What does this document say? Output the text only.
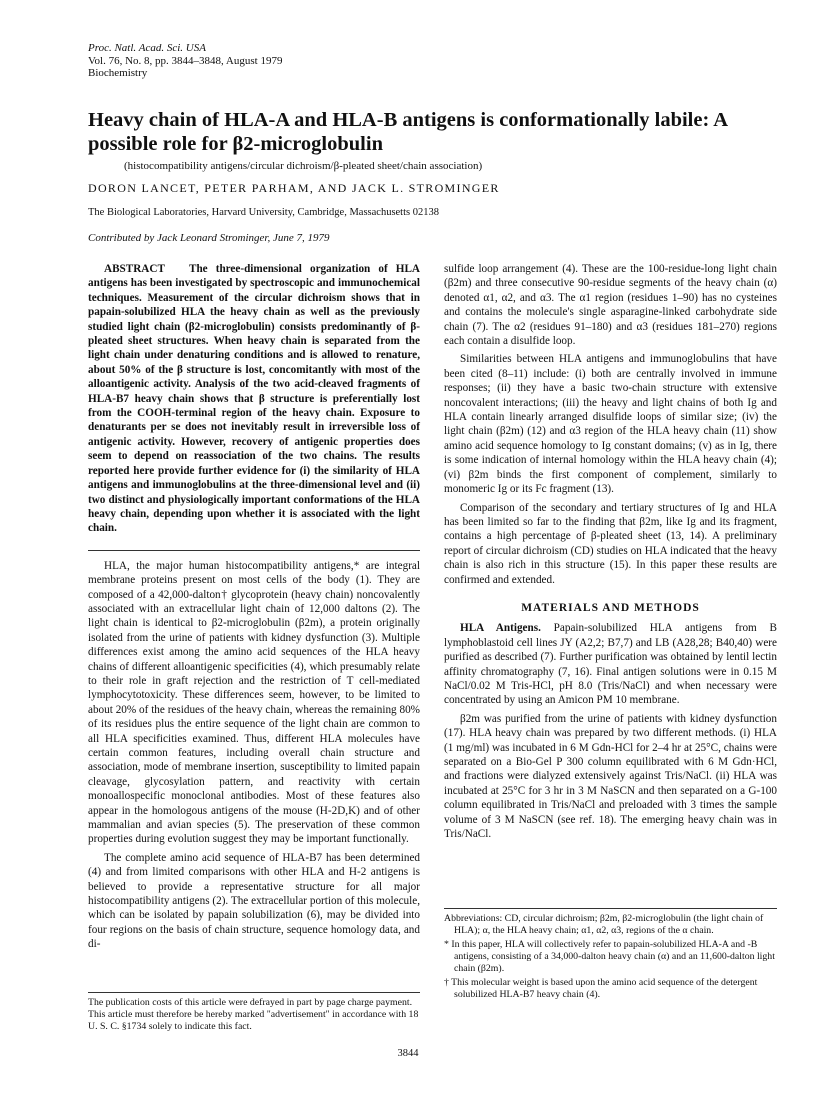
Proc. Natl. Acad. Sci. USA
Vol. 76, No. 8, pp. 3844–3848, August 1979
Biochemistry
Heavy chain of HLA-A and HLA-B antigens is conformationally labile: A possible role for β2-microglobulin
(histocompatibility antigens/circular dichroism/β-pleated sheet/chain association)
DORON LANCET, PETER PARHAM, AND JACK L. STROMINGER
The Biological Laboratories, Harvard University, Cambridge, Massachusetts 02138
Contributed by Jack Leonard Strominger, June 7, 1979
ABSTRACT The three-dimensional organization of HLA antigens has been investigated by spectroscopic and immunochemical techniques. Measurement of the circular dichroism shows that in papain-solubilized HLA the heavy chain as well as the previously studied light chain (β2-microglobulin) consists predominantly of β-pleated sheet structures. When heavy chain is separated from the light chain under denaturing conditions and is allowed to renature, about 50% of the β structure is lost, concomitantly with most of the alloantigenic activity. Analysis of the two acid-cleaved fragments of HLA-B7 heavy chain shows that β structure is preferentially lost from the COOH-terminal region of the heavy chain. Exposure to denaturants per se does not inevitably result in irreversible loss of antigenic activity. However, recovery of antigenic properties does seem to depend on reassociation of the two chains. The results reported here provide further evidence for (i) the similarity of HLA antigens and immunoglobulins at the three-dimensional level and (ii) two distinct and physiologically important conformations of the HLA heavy chain, depending upon whether it is associated with the light chain.

HLA, the major human histocompatibility antigens,* are integral membrane proteins present on most cells of the body (1). They are composed of a 42,000-dalton† glycoprotein (heavy chain) noncovalently associated with an extracellular light chain of 12,000 daltons (2). The light chain is identical to β2-microglobulin (β2m), a protein originally isolated from the urine of patients with kidney dysfunction (3). Multiple differences exist among the amino acid sequences of the HLA heavy chains of different alloantigenic specificities (4), which presumably relate to their role in graft rejection and the restriction of T cell-mediated lymphocytotoxicity. These differences seem, however, to be limited to about 20% of the residues of the heavy chain, whereas the remaining 80% of its residues plus the entire sequence of the light chain are common to all HLA specificities examined. Thus, different HLA molecules have certain common features, including overall chain structure and association, mode of membrane insertion, susceptibility to limited papain cleavage, glycosylation pattern, and reactivity with certain monoallospecific monoclonal antibodies. Most of these features also appear in the homologous antigens of the mouse (H-2D,K) and of other mammalian and avian species (5). The preservation of these common properties during evolution suggest they may be important functionally.

The complete amino acid sequence of HLA-B7 has been determined (4) and from limited comparisons with other HLA and H-2 antigens is believed to provide a representative structure for all major histocompatibility antigens (2). The extracellular portion of this molecule, which can be isolated by papain solubilization (6), may be divided into four regions on the basis of chain structure, sequence homology data, and di-

sulfide loop arrangement (4). These are the 100-residue-long light chain (β2m) and three consecutive 90-residue segments of the heavy chain (α) denoted α1, α2, and α3. The α1 region (residues 1–90) has no cysteines and contains the molecule's single asparagine-linked carbohydrate side chain (7). The α2 (residues 91–180) and α3 (residues 181–270) regions each contain a disulfide loop.

Similarities between HLA antigens and immunoglobulins that have been cited (8–11) include: (i) both are centrally involved in immune responses; (ii) they have a basic two-chain structure with extensive noncovalent interactions; (iii) the heavy and light chains of both Ig and HLA contain linearly arranged disulfide loops of similar size; (iv) the light chain (β2m) (12) and α3 region of the HLA heavy chain (11) show amino acid sequence homology to Ig constant domains; (v) as in Ig, there is some indication of internal homology within the HLA heavy chain (4); (vi) β2m binds the first component of complement, similarly to monomeric Ig or its Fc fragment (13).

Comparison of the secondary and tertiary structures of Ig and HLA has been limited so far to the finding that β2m, like Ig and its fragment, contains a high percentage of β-pleated sheet (13, 14). A preliminary report of circular dichroism (CD) studies on HLA indicated that the heavy chain is also rich in this structure (15). In this paper these results are confirmed and extended.

MATERIALS AND METHODS

HLA Antigens. Papain-solubilized HLA antigens from B lymphoblastoid cell lines JY (A2,2; B7,7) and LB (A28,28; B40,40) were purified as described (7). Further purification was obtained by lentil lectin affinity chromatography (7, 16). Final antigen solutions were in 0.15 M NaCl/0.02 M Tris-HCl, pH 8.0 (Tris/NaCl) and when necessary were concentrated by using an Amicon PM 10 membrane.

β2m was purified from the urine of patients with kidney dysfunction (17). HLA heavy chain was prepared by two different methods. (i) HLA (1 mg/ml) was incubated in 6 M Gdn-HCl for 2–4 hr at 25°C, chains were separated on a Bio-Gel P 300 column equilibrated with 6 M Gdn·HCl, and fractions were dialyzed extensively against Tris/NaCl. (ii) HLA was incubated at 25°C for 3 hr in 3 M NaSCN and then separated on a G-100 column equilibrated in Tris/NaCl and preloaded with 3 times the sample volume of 3 M NaSCN (see ref. 18). The emerging heavy chain was in Tris/NaCl.

Abbreviations: CD, circular dichroism; β2m, β2-microglobulin (the light chain of HLA); α, the HLA heavy chain; α1, α2, α3, regions of the α chain.

* In this paper, HLA will collectively refer to papain-solubilized HLA-A and -B antigens, consisting of a 34,000-dalton heavy chain (α) and an 11,600-dalton light chain (β2m).

† This molecular weight is based upon the amino acid sequence of the detergent solubilized HLA-B7 heavy chain (4).

The publication costs of this article were defrayed in part by page charge payment. This article must therefore be hereby marked "advertisement" in accordance with 18 U. S. C. §1734 solely to indicate this fact.
3844
